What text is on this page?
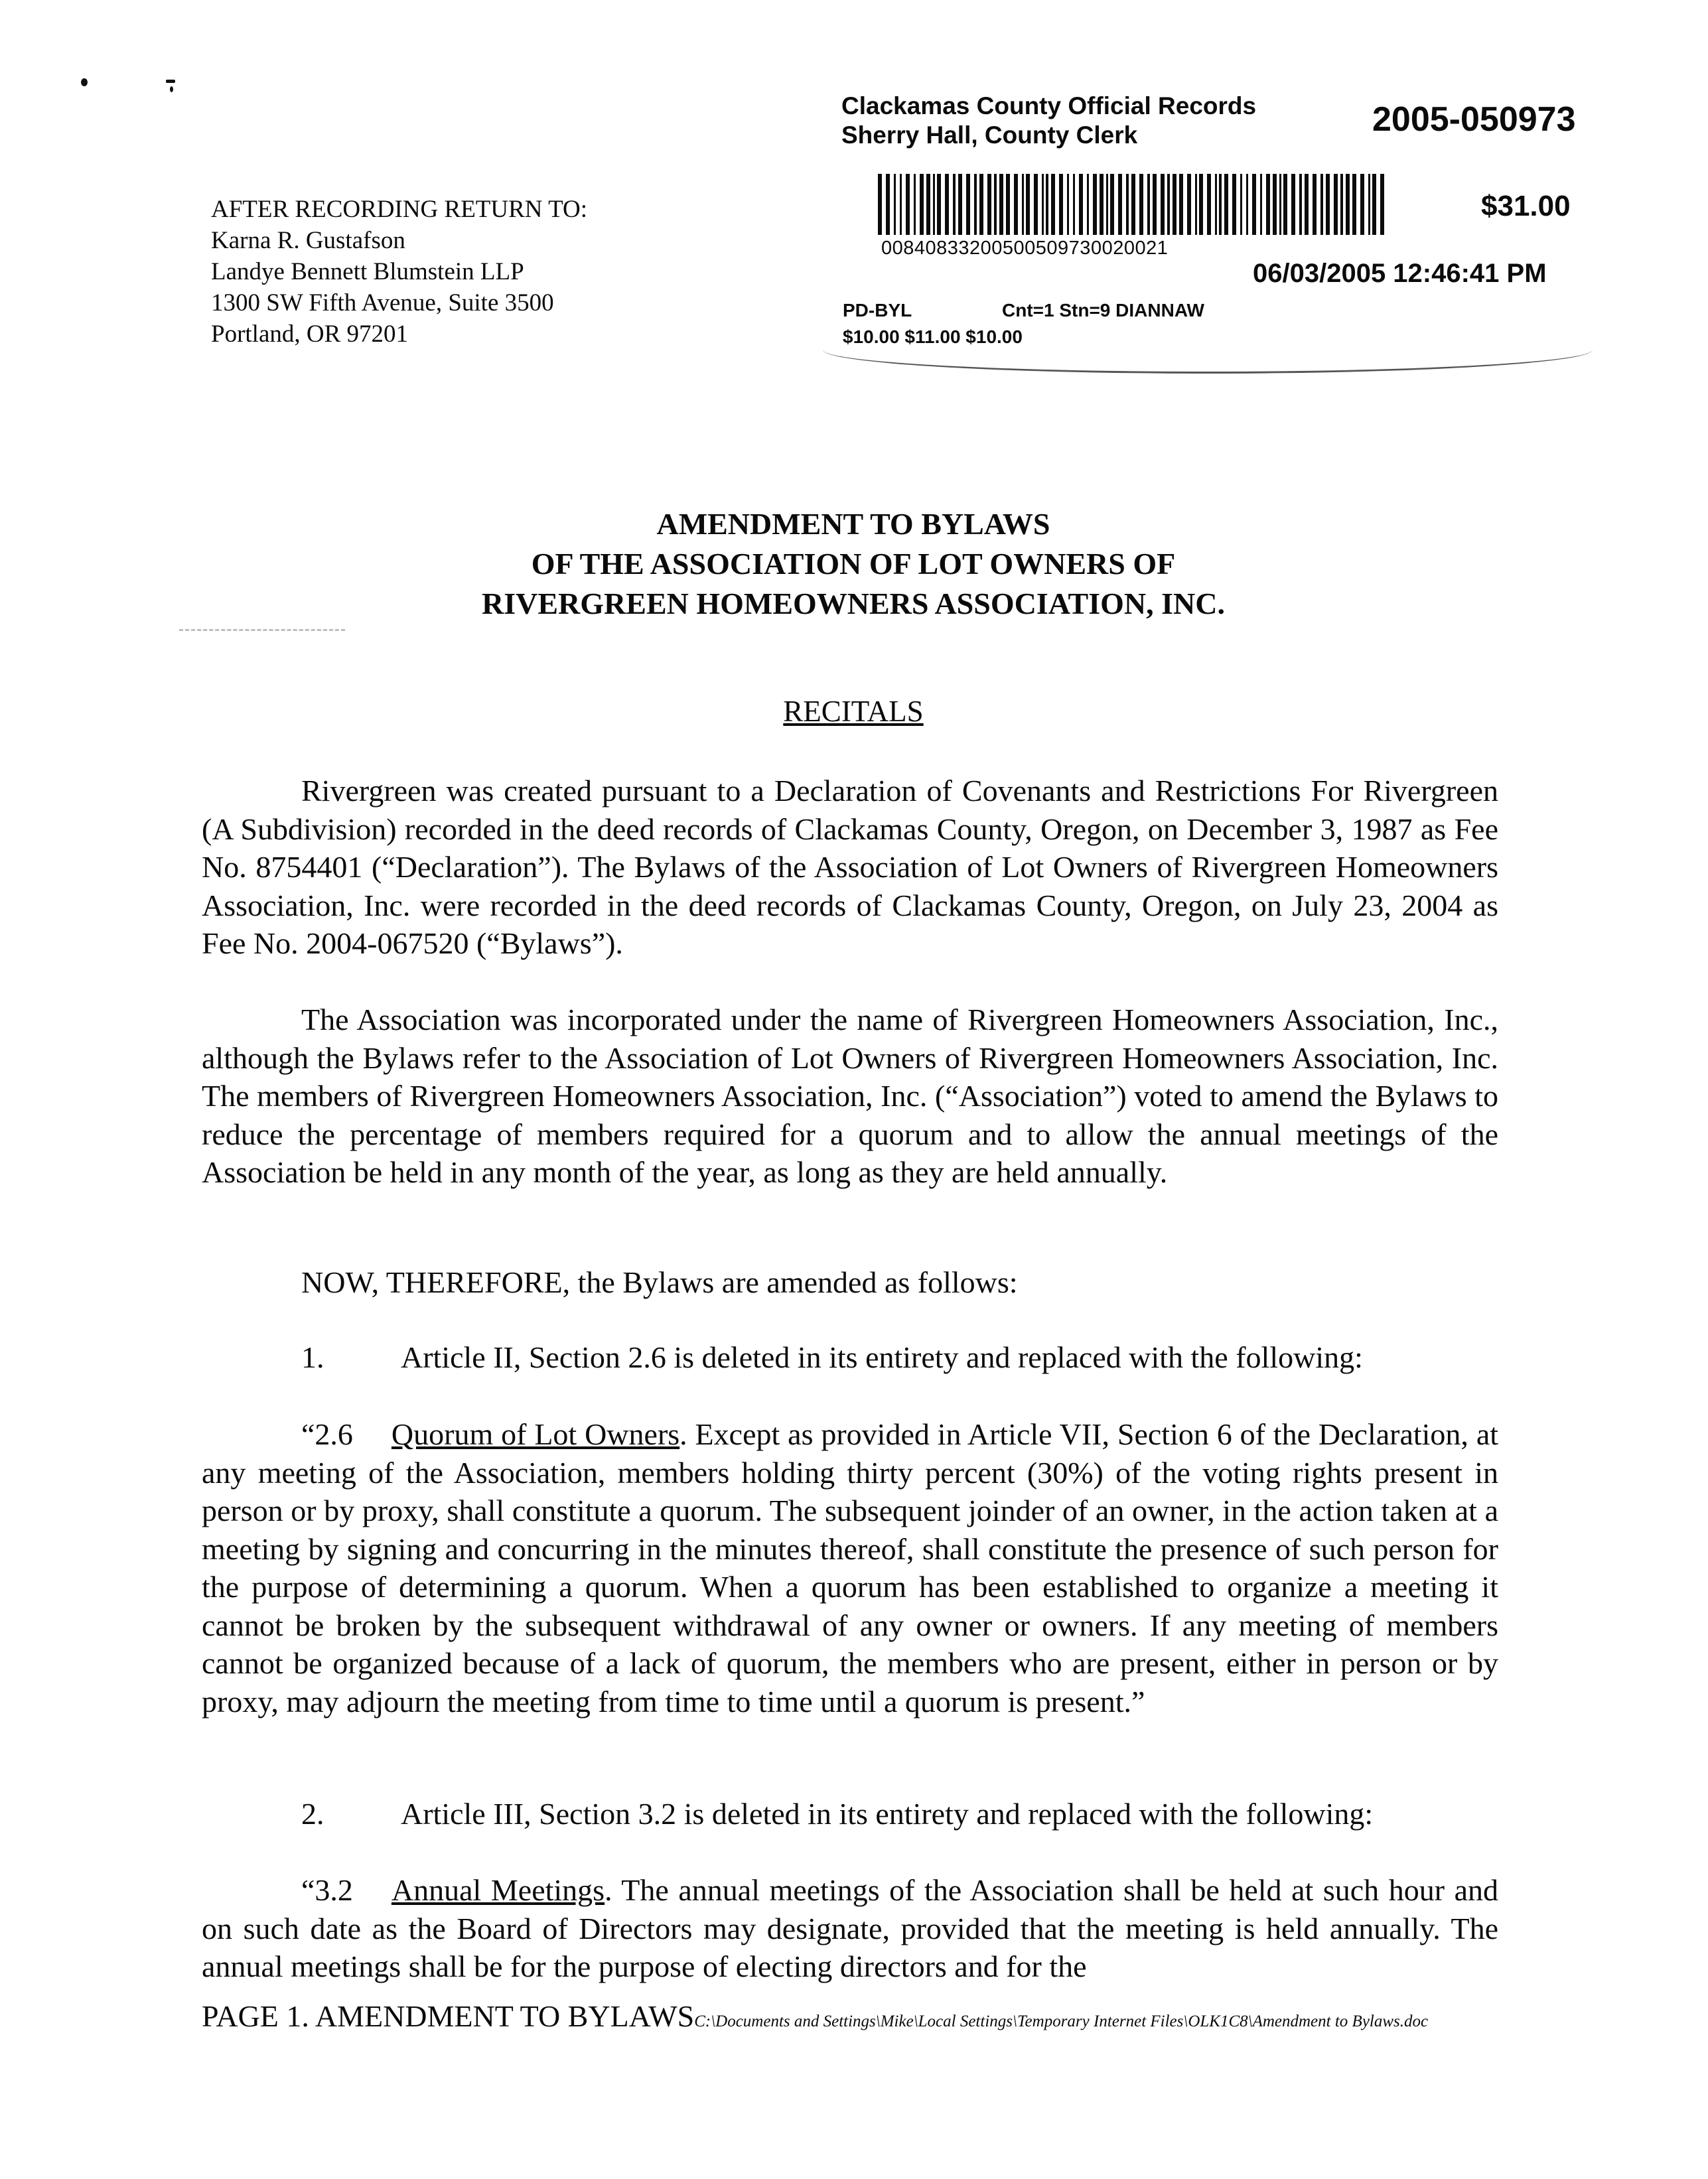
Clackamas County Official Records
Sherry Hall, County Clerk	2005-050973
$31.00
00840833200500509730020021
06/03/2005 12:46:41 PM
PD-BYL	Cnt=1 Stn=9 DIANNAW
$10.00 $11.00 $10.00
AFTER RECORDING RETURN TO:
Karna R. Gustafson
Landye Bennett Blumstein LLP
1300 SW Fifth Avenue, Suite 3500
Portland, OR 97201
AMENDMENT TO BYLAWS
OF THE ASSOCIATION OF LOT OWNERS OF
RIVERGREEN HOMEOWNERS ASSOCIATION, INC.
RECITALS

Rivergreen was created pursuant to a Declaration of Covenants and Restrictions For Rivergreen (A Subdivision) recorded in the deed records of Clackamas County, Oregon, on December 3, 1987 as Fee No. 8754401 (“Declaration”). The Bylaws of the Association of Lot Owners of Rivergreen Homeowners Association, Inc. were recorded in the deed records of Clackamas County, Oregon, on July 23, 2004 as Fee No. 2004-067520 (“Bylaws”).

The Association was incorporated under the name of Rivergreen Homeowners Association, Inc., although the Bylaws refer to the Association of Lot Owners of Rivergreen Homeowners Association, Inc. The members of Rivergreen Homeowners Association, Inc. (“Association”) voted to amend the Bylaws to reduce the percentage of members required for a quorum and to allow the annual meetings of the Association be held in any month of the year, as long as they are held annually.

NOW, THEREFORE, the Bylaws are amended as follows:

1.	Article II, Section 2.6 is deleted in its entirety and replaced with the following:

“2.6 Quorum of Lot Owners. Except as provided in Article VII, Section 6 of the Declaration, at any meeting of the Association, members holding thirty percent (30%) of the voting rights present in person or by proxy, shall constitute a quorum. The subsequent joinder of an owner, in the action taken at a meeting by signing and concurring in the minutes thereof, shall constitute the presence of such person for the purpose of determining a quorum. When a quorum has been established to organize a meeting it cannot be broken by the subsequent withdrawal of any owner or owners. If any meeting of members cannot be organized because of a lack of quorum, the members who are present, either in person or by proxy, may adjourn the meeting from time to time until a quorum is present.”

2.	Article III, Section 3.2 is deleted in its entirety and replaced with the following:

“3.2 Annual Meetings. The annual meetings of the Association shall be held at such hour and on such date as the Board of Directors may designate, provided that the meeting is held annually. The annual meetings shall be for the purpose of electing directors and for the

PAGE 1. AMENDMENT TO BYLAWSC:\Documents and Settings\Mike\Local Settings\Temporary Internet Files\OLK1C8\Amendment to Bylaws.doc
